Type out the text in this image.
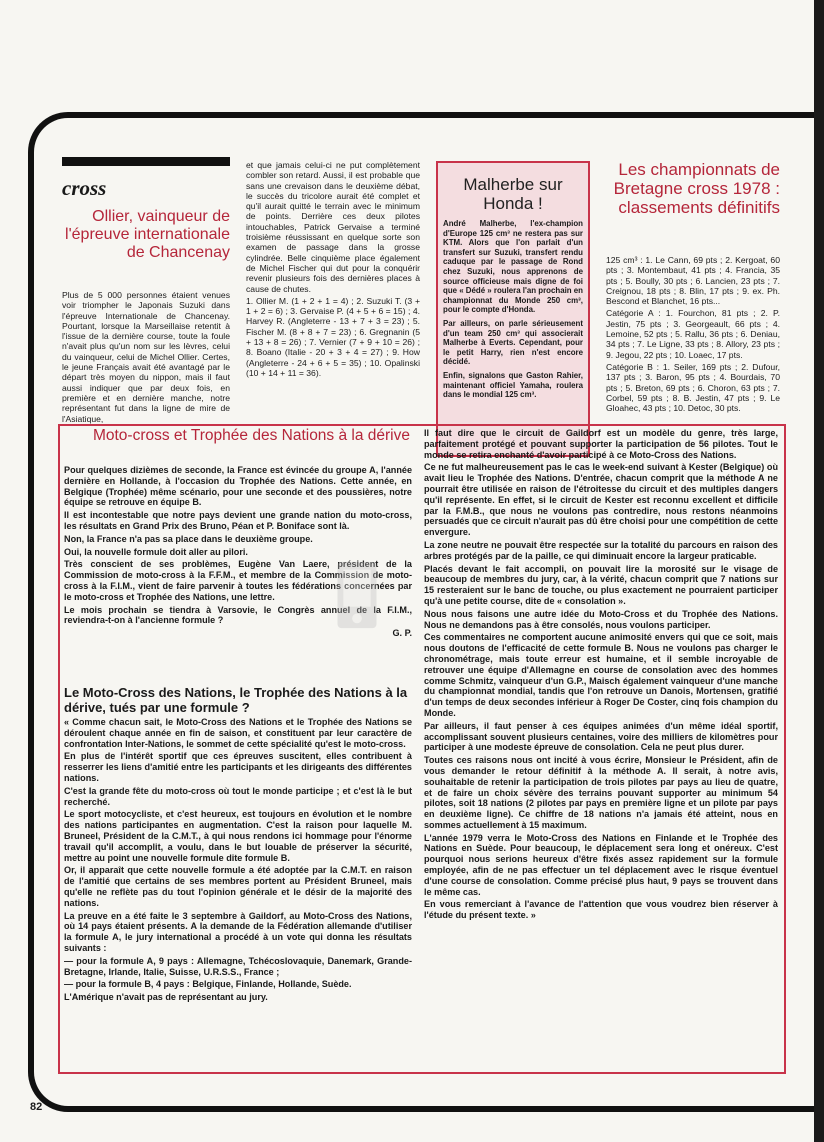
cross
Ollier, vainqueur de l'épreuve internationale de Chancenay

Plus de 5 000 personnes étaient venues voir triompher le Japonais Suzuki dans l'épreuve Internationale de Chancenay. Pourtant, lorsque la Marseillaise retentit à l'issue de la dernière course, toute la foule n'avait plus qu'un nom sur les lèvres, celui du vainqueur, celui de Michel Ollier. Certes, le jeune Français avait été avantagé par le départ très moyen du nippon, mais il faut aussi indiquer que par deux fois, en première et en dernière manche, notre représentant fut dans la ligne de mire de l'Asiatique,

et que jamais celui-ci ne put complètement combler son retard. Aussi, il est probable que sans une crevaison dans le deuxième débat, le succès du tricolore aurait été complet et qu'il aurait quitté le terrain avec le minimum de points. Derrière ces deux pilotes intouchables, Patrick Gervaise a terminé troisième réussissant en quelque sorte son examen de passage dans la grosse cylindrée. Belle cinquième place également de Michel Fischer qui dut pour la conquérir revenir plusieurs fois des dernières places à cause de chutes.

1. Ollier M. (1 + 2 + 1 = 4) ; 2. Suzuki T. (3 + 1 + 2 = 6) ; 3. Gervaise P. (4 + 5 + 6 = 15) ; 4. Harvey R. (Angleterre - 13 + 7 + 3 = 23) ; 5. Fischer M. (8 + 8 + 7 = 23) ; 6. Gregnanin (5 + 13 + 8 = 26) ; 7. Vernier (7 + 9 + 10 = 26) ; 8. Boano (Italie - 20 + 3 + 4 = 27) ; 9. How (Angleterre - 24 + 6 + 5 = 35) ; 10. Opalinski (10 + 14 + 11 = 36).

Malherbe sur Honda !

André Malherbe, l'ex-champion d'Europe 125 cm³ ne restera pas sur KTM. Alors que l'on parlait d'un transfert sur Suzuki, transfert rendu caduque par le passage de Rond chez Suzuki, nous apprenons de source officieuse mais digne de foi que « Dédé » roulera l'an prochain en championnat du Monde 250 cm³, pour le compte d'Honda.

Par ailleurs, on parle sérieusement d'un team 250 cm³ qui associerait Malherbe à Everts. Cependant, pour le petit Harry, rien n'est encore décidé.

Enfin, signalons que Gaston Rahier, maintenant officiel Yamaha, roulera dans le mondial 125 cm³.

Les championnats de Bretagne cross 1978 : classements définitifs

125 cm³ : 1. Le Cann, 69 pts ; 2. Kergoat, 60 pts ; 3. Montembaut, 41 pts ; 4. Francia, 35 pts ; 5. Boully, 30 pts ; 6. Lancien, 23 pts ; 7. Creignou, 18 pts ; 8. Blin, 17 pts ; 9. ex. Ph. Bescond et Blanchet, 16 pts...

Catégorie A : 1. Fourchon, 81 pts ; 2. P. Jestin, 75 pts ; 3. Georgeault, 66 pts ; 4. Lemoine, 52 pts ; 5. Rallu, 36 pts ; 6. Deniau, 34 pts ; 7. Le Ligne, 33 pts ; 8. Allory, 23 pts ; 9. Jegou, 22 pts ; 10. Loaec, 17 pts.

Catégorie B : 1. Seiler, 169 pts ; 2. Dufour, 137 pts ; 3. Baron, 95 pts ; 4. Bourdais, 70 pts ; 5. Breton, 69 pts ; 6. Choron, 63 pts ; 7. Corbel, 59 pts ; 8. B. Jestin, 47 pts ; 9. Le Gloahec, 43 pts ; 10. Detoc, 30 pts.

Moto-cross et Trophée des Nations à la dérive

Pour quelques dizièmes de seconde, la France est évincée du groupe A, l'année dernière en Hollande, à l'occasion du Trophée des Nations. Cette année, en Belgique (Trophée) même scénario, pour une seconde et des poussières, notre équipe se retrouve en équipe B.

Il est incontestable que notre pays devient une grande nation du moto-cross, les résultats en Grand Prix des Bruno, Péan et P. Boniface sont là.

Non, la France n'a pas sa place dans le deuxième groupe.

Oui, la nouvelle formule doit aller au pilori.

Très conscient de ses problèmes, Eugène Van Laere, président de la Commission de moto-cross à la F.F.M., et membre de la Commission de moto-cross à la F.I.M., vient de faire parvenir à toutes les fédérations concernées par le moto-cross et Trophée des Nations, une lettre.

Le mois prochain se tiendra à Varsovie, le Congrès annuel de la F.I.M., reviendra-t-on à l'ancienne formule ?

G. P.

Le Moto-Cross des Nations, le Trophée des Nations à la dérive, tués par une formule ?

« Comme chacun sait, le Moto-Cross des Nations et le Trophée des Nations se déroulent chaque année en fin de saison, et constituent par leur caractère de confrontation Inter-Nations, le sommet de cette spécialité qu'est le moto-cross.

En plus de l'intérêt sportif que ces épreuves suscitent, elles contribuent à resserrer les liens d'amitié entre les participants et les dirigeants des différentes nations.

C'est la grande fête du moto-cross où tout le monde participe ; et c'est là le but recherché.

Le sport motocycliste, et c'est heureux, est toujours en évolution et le nombre des nations participantes en augmentation. C'est la raison pour laquelle M. Bruneel, Président de la C.M.T., à qui nous rendons ici hommage pour l'énorme travail qu'il accomplit, a voulu, dans le but louable de préserver la sécurité, mettre au point une nouvelle formule dite formule B.

Or, il apparaît que cette nouvelle formule a été adoptée par la C.M.T. en raison de l'amitié que certains de ses membres portent au Président Bruneel, mais qu'elle ne reflète pas du tout l'opinion générale et le désir de la majorité des nations.

La preuve en a été faite le 3 septembre à Gaildorf, au Moto-Cross des Nations, où 14 pays étaient présents. A la demande de la Fédération allemande d'utiliser la formule A, le jury international a procédé à un vote qui donna les résultats suivants :

— pour la formule A, 9 pays : Allemagne, Tchécoslovaquie, Danemark, Grande-Bretagne, Irlande, Italie, Suisse, U.R.S.S., France ;

— pour la formule B, 4 pays : Belgique, Finlande, Hollande, Suède.

L'Amérique n'avait pas de représentant au jury.

Il faut dire que le circuit de Gaildorf est un modèle du genre, très large, parfaitement protégé et pouvant supporter la participation de 56 pilotes. Tout le monde se retira enchanté d'avoir participé à ce Moto-Cross des Nations.

Ce ne fut malheureusement pas le cas le week-end suivant à Kester (Belgique) où avait lieu le Trophée des Nations. D'entrée, chacun comprit que la méthode A ne pourrait être utilisée en raison de l'étroitesse du circuit et des multiples dangers qu'il représente. En effet, si le circuit de Kester est reconnu excellent et difficile par la F.M.B., que nous ne voulons pas contredire, nous restons néanmoins persuadés que ce circuit n'aurait pas dû être choisi pour une compétition de cette envergure.

La zone neutre ne pouvait être respectée sur la totalité du parcours en raison des arbres protégés par de la paille, ce qui diminuait encore la largeur praticable.

Placés devant le fait accompli, on pouvait lire la morosité sur le visage de beaucoup de membres du jury, car, à la vérité, chacun comprit que 7 nations sur 15 resteraient sur le banc de touche, ou plus exactement ne pourraient participer qu'à une petite course, dite de « consolation ».

Nous nous faisons une autre idée du Moto-Cross et du Trophée des Nations. Nous ne demandons pas à être consolés, nous voulons participer.

Ces commentaires ne comportent aucune animosité envers qui que ce soit, mais nous doutons de l'efficacité de cette formule B. Nous ne voulons pas charger le chronométrage, mais toute erreur est humaine, et il semble incroyable de retrouver une équipe d'Allemagne en course de consolation avec des hommes comme Schmitz, vainqueur d'un G.P., Maisch également vainqueur d'une manche du championnat mondial, tandis que l'on retrouve un Danois, Mortensen, gratifié d'un temps de deux secondes inférieur à Roger De Coster, cinq fois champion du Monde.

Par ailleurs, il faut penser à ces équipes animées d'un même idéal sportif, accomplissant souvent plusieurs centaines, voire des milliers de kilomètres pour participer à une modeste épreuve de consolation. Cela ne peut plus durer.

Toutes ces raisons nous ont incité à vous écrire, Monsieur le Président, afin de vous demander le retour définitif à la méthode A. Il serait, à notre avis, souhaitable de retenir la participation de trois pilotes par pays au lieu de quatre, et de faire un choix sévère des terrains pouvant supporter au minimum 54 pilotes, soit 18 nations (2 pilotes par pays en première ligne et un pilote par pays en deuxième ligne). Ce chiffre de 18 nations n'a jamais été atteint, nous en sommes actuellement à 15 maximum.

L'année 1979 verra le Moto-Cross des Nations en Finlande et le Trophée des Nations en Suède. Pour beaucoup, le déplacement sera long et onéreux. C'est pourquoi nous serions heureux d'être fixés assez rapidement sur la formule employée, afin de ne pas effectuer un tel déplacement avec le risque éventuel d'une course de consolation. Comme précisé plus haut, 9 pays se trouvent dans le même cas.

En vous remerciant à l'avance de l'attention que vous voudrez bien réserver à l'étude du présent texte. »

82
